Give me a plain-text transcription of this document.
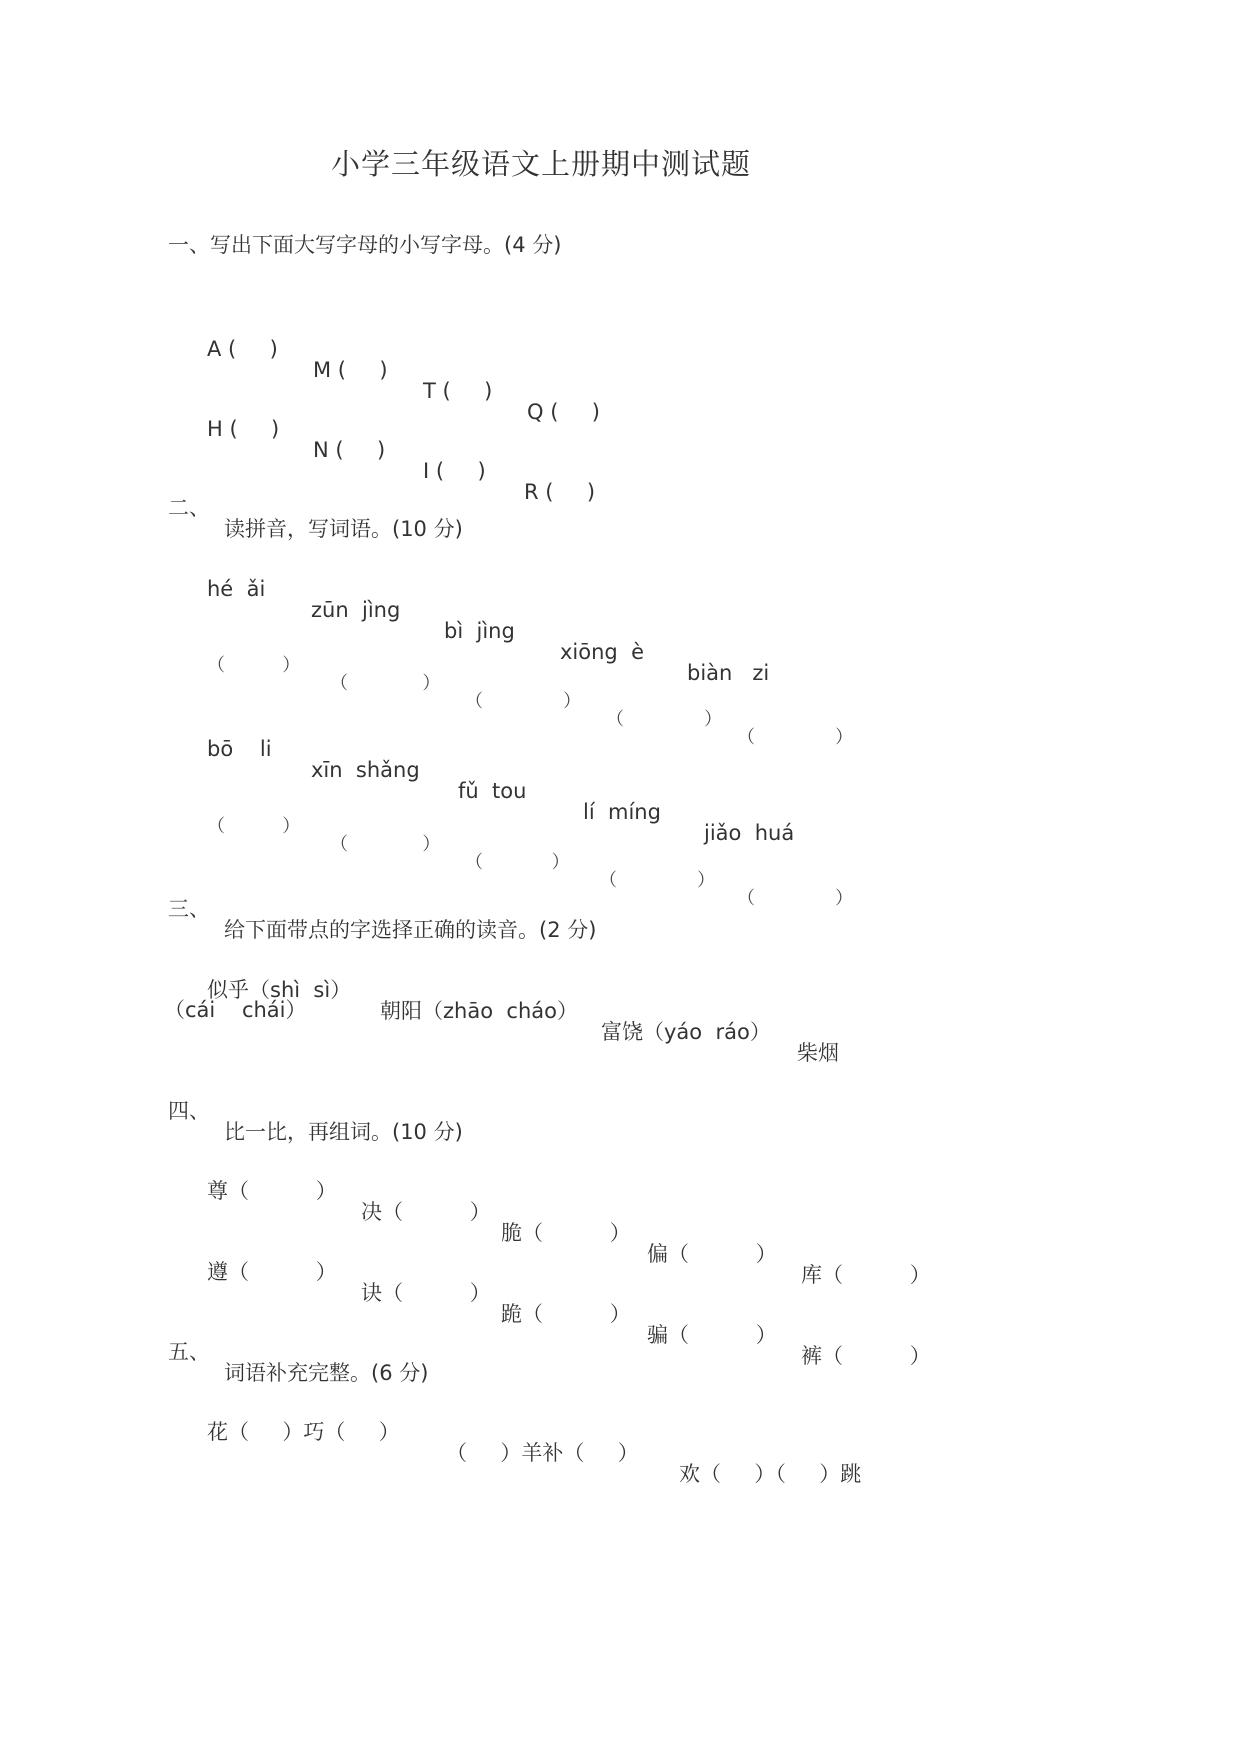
小学三年级语文上册期中测试题
一、写出下面大写字母的小写字母。(4 分)

A (     )

M (     )

T (     )

Q (     )

H (     )

N (     )

I (     )

R (     )

二、

读拼音，写词语。(10 分)

hé  ǎi

zūn  jìng

bì  jìng

xiōng  è

biàn   zi

（          ）

（             ）

（              ）

（              ）

（              ）

bō    li

xīn  shǎng

fǔ  tou

lí  míng

jiǎo  huá

（          ）

（             ）

（            ）

（              ）

（              ）

三、

给下面带点的字选择正确的读音。(2 分)

似乎（shì  sì）

朝阳（zhāo  cháo）

富饶（yáo  ráo）

柴烟

（cái    chái）

四、

比一比，再组词。(10 分)

尊（          ）

决（          ）

脆（          ）

偏（          ）

库（          ）

遵（          ）

诀（          ）

跪（          ）

骗（          ）

裤（          ）

五、

词语补充完整。(6 分)

花（     ）巧（     ）

（     ）羊补（     ）

欢（     ）（     ）跳
